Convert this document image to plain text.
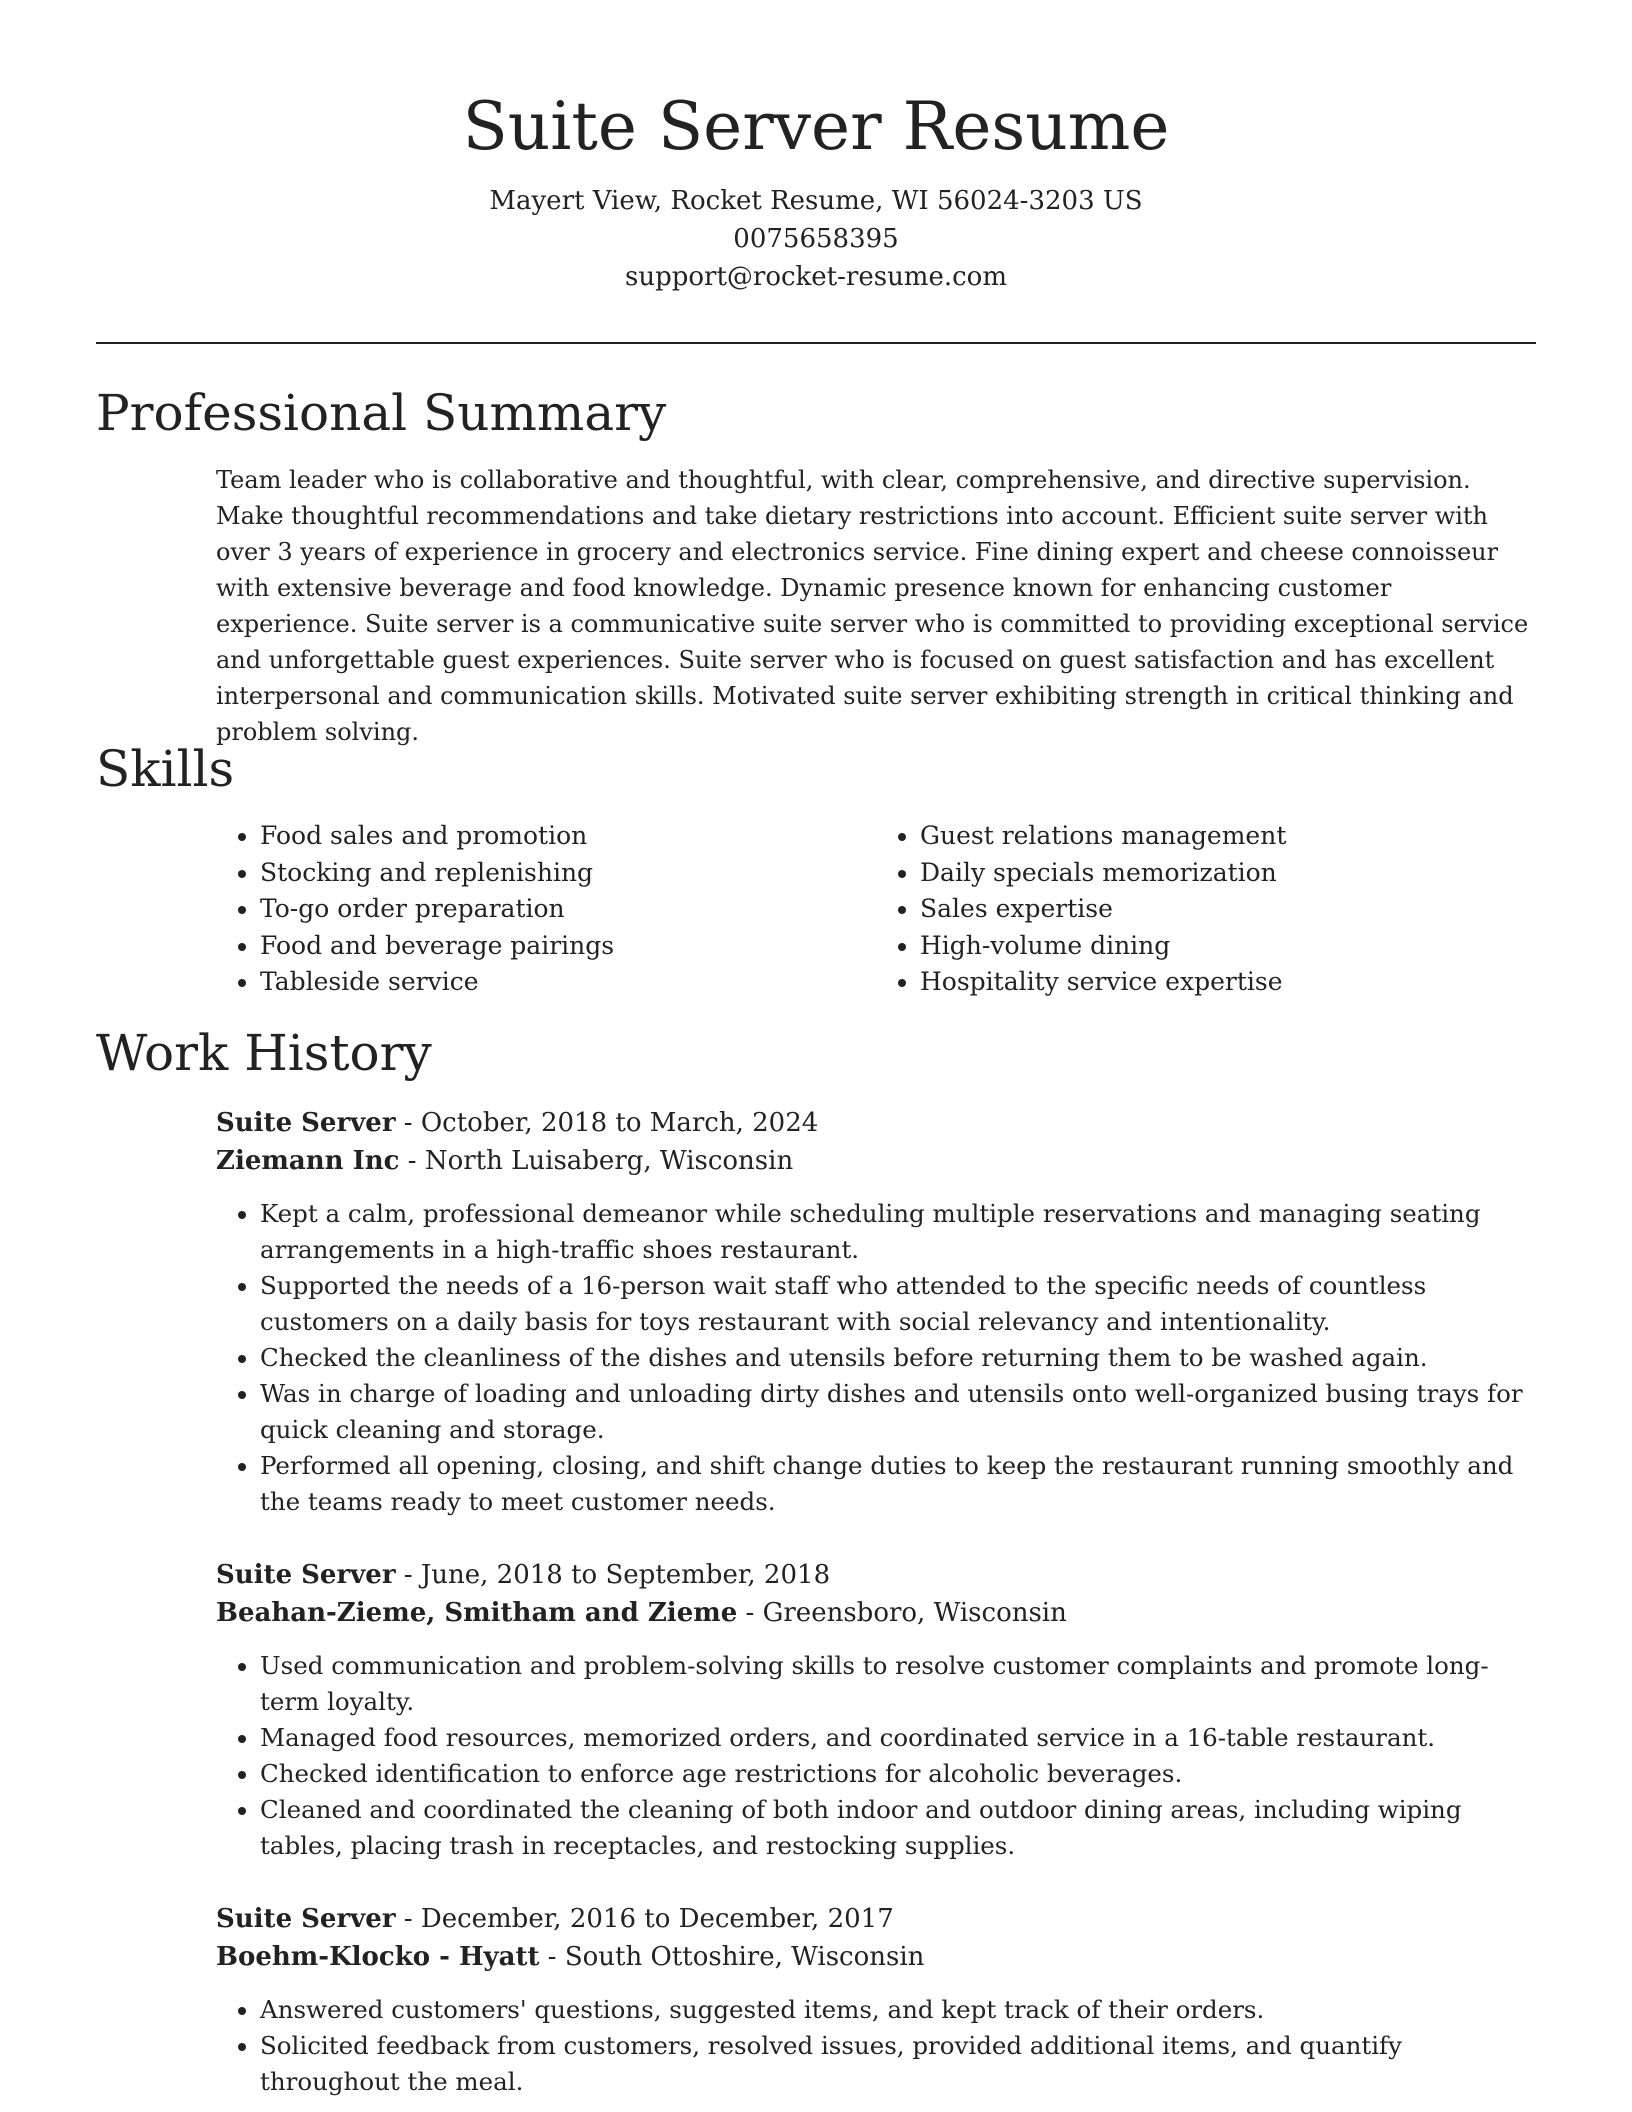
Suite Server Resume
Mayert View, Rocket Resume, WI 56024-3203 US
0075658395
support@rocket-resume.com
Professional Summary

Team leader who is collaborative and thoughtful, with clear, comprehensive, and directive supervision. Make thoughtful recommendations and take dietary restrictions into account. Efficient suite server with over 3 years of experience in grocery and electronics service. Fine dining expert and cheese connoisseur with extensive beverage and food knowledge. Dynamic presence known for enhancing customer experience. Suite server is a communicative suite server who is committed to providing exceptional service and unforgettable guest experiences. Suite server who is focused on guest satisfaction and has excellent interpersonal and communication skills. Motivated suite server exhibiting strength in critical thinking and problem solving.

Skills
• Food sales and promotion
• Stocking and replenishing
• To-go order preparation
• Food and beverage pairings
• Tableside service
• Guest relations management
• Daily specials memorization
• Sales expertise
• High-volume dining
• Hospitality service expertise
Work History
Suite Server - October, 2018 to March, 2024
Ziemann Inc - North Luisaberg, Wisconsin
• Kept a calm, professional demeanor while scheduling multiple reservations and managing seating arrangements in a high-traffic shoes restaurant.
• Supported the needs of a 16-person wait staff who attended to the specific needs of countless customers on a daily basis for toys restaurant with social relevancy and intentionality.
• Checked the cleanliness of the dishes and utensils before returning them to be washed again.
• Was in charge of loading and unloading dirty dishes and utensils onto well-organized busing trays for quick cleaning and storage.
• Performed all opening, closing, and shift change duties to keep the restaurant running smoothly and the teams ready to meet customer needs.
Suite Server - June, 2018 to September, 2018
Beahan-Zieme, Smitham and Zieme - Greensboro, Wisconsin
• Used communication and problem-solving skills to resolve customer complaints and promote long-term loyalty.
• Managed food resources, memorized orders, and coordinated service in a 16-table restaurant.
• Checked identification to enforce age restrictions for alcoholic beverages.
• Cleaned and coordinated the cleaning of both indoor and outdoor dining areas, including wiping tables, placing trash in receptacles, and restocking supplies.
Suite Server - December, 2016 to December, 2017
Boehm-Klocko - Hyatt - South Ottoshire, Wisconsin
• Answered customers' questions, suggested items, and kept track of their orders.
• Solicited feedback from customers, resolved issues, provided additional items, and quantify throughout the meal.
